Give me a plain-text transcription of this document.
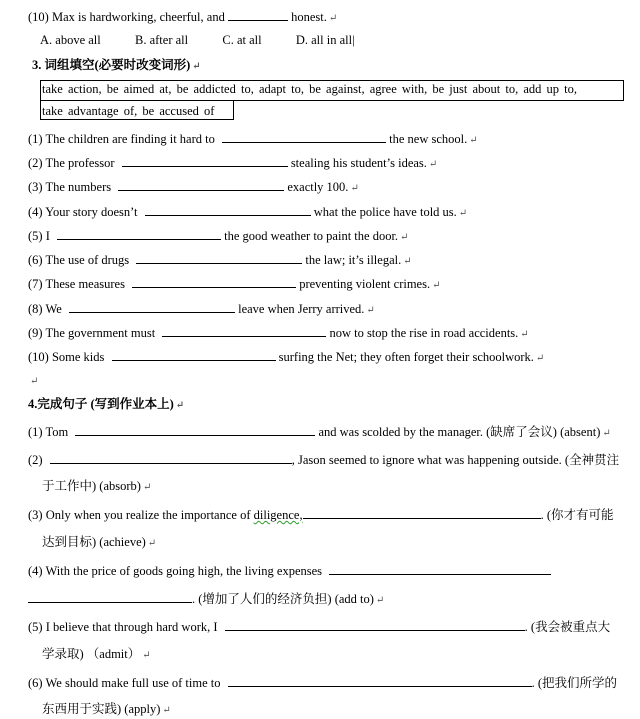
(10) Max is hardworking, cheerful, and	honest. ↵
A. above all	B. after all	C. at all	D. all in all|
3. 词组填空(必要时改变词形) ↵
take action, be aimed at, be addicted to, adapt to, be against, agree with, be just about to, add up to,
take advantage of, be accused of
(1) The children are finding it hard to	the new school. ↵
(2) The professor	stealing his student’s ideas. ↵
(3) The numbers	exactly 100. ↵
(4) Your story doesn’t	what the police have told us. ↵
(5) I	the good weather to paint the door. ↵
(6) The use of drugs	the law; it’s illegal. ↵
(7) These measures	preventing violent crimes. ↵
(8) We	leave when Jerry arrived. ↵
(9) The government must	now to stop the rise in road accidents. ↵
(10) Some kids	surfing the Net; they often forget their schoolwork. ↵
↵
4.完成句子 (写到作业本上) ↵
(1) Tom	and was scolded by the manager. (缺席了会议) (absent) ↵
(2)	, Jason seemed to ignore what was happening outside. (全神贯注
于工作中) (absorb) ↵
(3) Only when you realize the importance of diligence,	. (你才有可能
达到目标) (achieve) ↵
(4) With the price of goods going high, the living expenses
. (增加了人们的经济负担) (add to) ↵
(5) I believe that through hard work, I	. (我会被重点大
学录取) （admit） ↵
(6) We should make full use of time to	. (把我们所学的
东西用于实践) (apply) ↵
